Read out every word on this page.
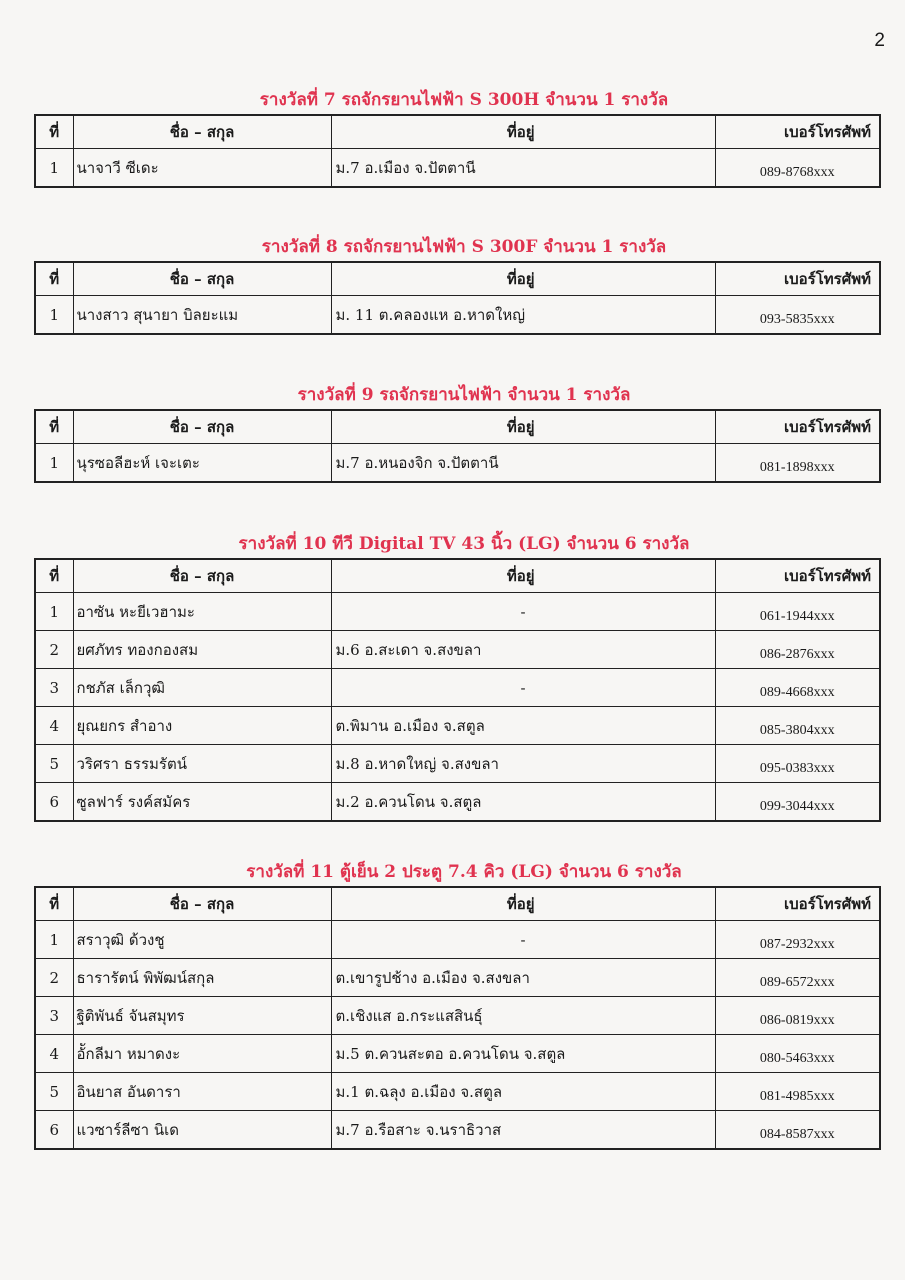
2
รางวัลที่ 7 รถจักรยานไฟฟ้า S 300H จำนวน 1 รางวัล
ที่	ชื่อ – สกุล	ที่อยู่	เบอร์โทรศัพท์
1	นาจาวี ซีเดะ	ม.7 อ.เมือง จ.ปัตตานี	089-8768xxx
รางวัลที่ 8 รถจักรยานไฟฟ้า S 300F จำนวน 1 รางวัล
ที่	ชื่อ – สกุล	ที่อยู่	เบอร์โทรศัพท์
1	นางสาว สุนายา บิลยะแม	ม. 11 ต.คลองแห อ.หาดใหญ่	093-5835xxx
รางวัลที่ 9 รถจักรยานไฟฟ้า จำนวน 1 รางวัล
ที่	ชื่อ – สกุล	ที่อยู่	เบอร์โทรศัพท์
1	นุรซอลีฮะห์ เจะเตะ	ม.7 อ.หนองจิก จ.ปัตตานี	081-1898xxx
รางวัลที่ 10 ทีวี Digital TV 43 นิ้ว (LG) จำนวน 6 รางวัล
ที่	ชื่อ – สกุล	ที่อยู่	เบอร์โทรศัพท์
1	อาซัน หะยีเวฮามะ	-	061-1944xxx
2	ยศภัทร ทองกองสม	ม.6 อ.สะเดา จ.สงขลา	086-2876xxx
3	กชภัส เล็กวุฒิ	-	089-4668xxx
4	ยุณยกร สำอาง	ต.พิมาน อ.เมือง จ.สตูล	085-3804xxx
5	วริศรา ธรรมรัตน์	ม.8 อ.หาดใหญ่ จ.สงขลา	095-0383xxx
6	ซูลฟาร์ รงค์สมัคร	ม.2 อ.ควนโดน จ.สตูล	099-3044xxx
รางวัลที่ 11 ตู้เย็น 2 ประตู 7.4 คิว (LG) จำนวน 6 รางวัล
ที่	ชื่อ – สกุล	ที่อยู่	เบอร์โทรศัพท์
1	สราวุฒิ ด้วงชู	-	087-2932xxx
2	ธารารัตน์ พิพัฒน์สกุล	ต.เขารูปช้าง อ.เมือง จ.สงขลา	089-6572xxx
3	ฐิติพันธ์ จันสมุทร	ต.เชิงแส อ.กระแสสินธุ์	086-0819xxx
4	อัักลีมา หมาดงะ	ม.5 ต.ควนสะตอ อ.ควนโดน จ.สตูล	080-5463xxx
5	อินยาส อันดารา	ม.1 ต.ฉลุง อ.เมือง จ.สตูล	081-4985xxx
6	แวซาร์ลีซา นิเด	ม.7 อ.รือสาะ จ.นราธิวาส	084-8587xxx
